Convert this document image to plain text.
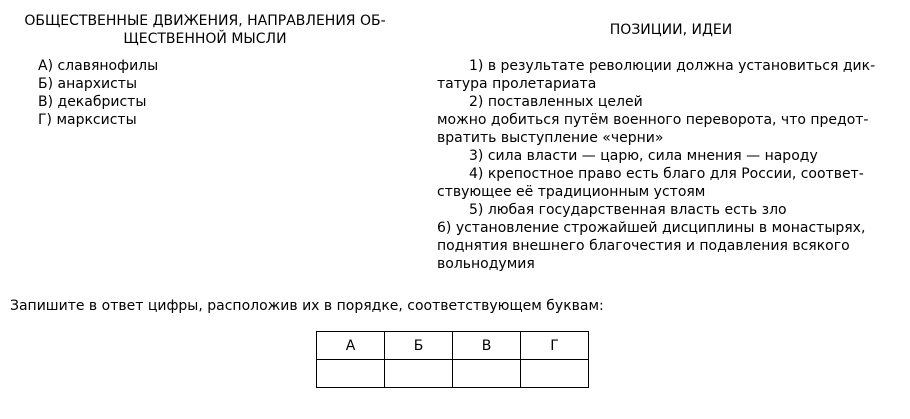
ОБЩЕСТВЕННЫЕ ДВИЖЕНИЯ, НАПРАВЛЕНИЯ ОБ-
ЩЕСТВЕННОЙ МЫСЛИ
ПОЗИЦИИ, ИДЕИ
А) славянофилы
Б) анархисты
В) декабристы
Г) марксисты
1) в результате революции должна установиться дик-
татура пролетариата
2) поставленных целей
можно добиться путём военного переворота, что предот-
вратить выступление «черни»
3) сила власти — царю, сила мнения — народу
4) крепостное право есть благо для России, соответ-
ствующее её традиционным устоям
5) любая государственная власть есть зло
6) установление строжайшей дисциплины в монастырях,
поднятия внешнего благочестия и подавления всякого
вольнодумия
Запишите в ответ цифры, расположив их в порядке, соответствующем буквам:
А	Б	В	Г
